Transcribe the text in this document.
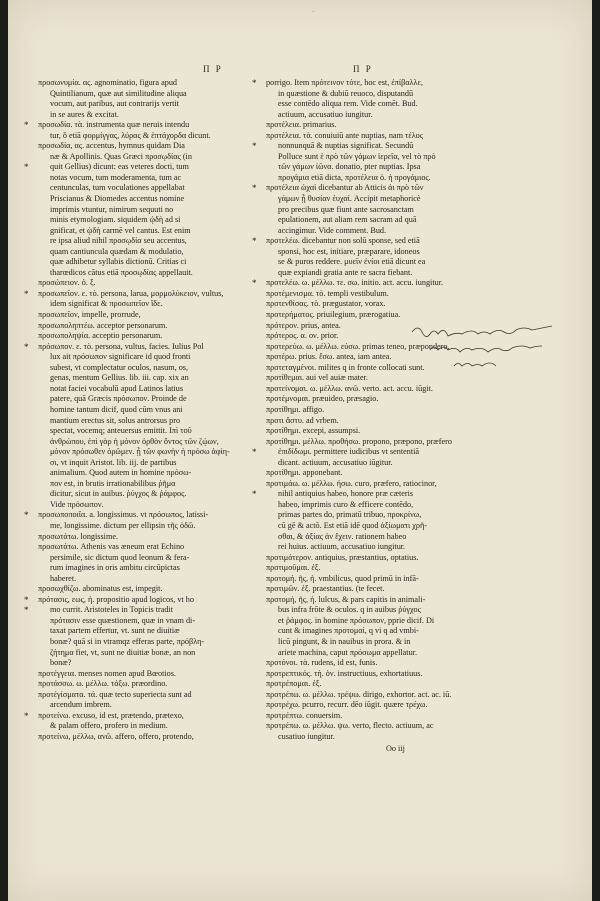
·
Π Ρ	Π Ρ
προσωνυμία. ας. agnominatio, figura apud
Quintilianum, quæ aut similitudine aliqua
vocum, aut paribus, aut contrarijs vertit
in se aures & excitat.
* προσωδία. τὰ. instrumenta quæ neruis intendu
tur, ὃ etiā φορμίγγας, λύρας & ἑπτάχορδα dicunt.
προσωδία, ας. accentus, hymnus quidam Dia
næ & Apollinis. Quas Græci προσῳδίας (in
*	quit Gellius) dicunt: eas veteres docti, tum
notas vocum, tum moderamenta, tum ac
centunculas, tum voculationes appellabat
Priscianus & Diomedes accentus nomine
imprimis vtuntur, nimirum sequuti no
minis etymologiam. siquidem ᾠδὴ ad si
gnificat, et ᾠδὴ carmē vel cantus. Est enim
re ipsa aliud nihil προσῳδία seu accentus,
quam cantiuncula quædam & modulatio,
quæ adhibetur syllabis dictionū. Critias ci
tharœdicos cātus etiā προσῳδίας appellauit.
προσώπειον. ὁ. ξ.
* προσωπεῖον. ε. τὸ. persona, larua, μορμολύκειον, vultus,
idem significat & προσωπεῖον ἴδε.
προσωπεῖον, impelle, prorrude,
προσωποληπτέω. acceptor personarum.
προσωποληψία. acceptio personarum.
* πρόσωπον. ε. τὸ. persona, vultus, facies. Iulius Pol
lux ait πρόσωπον significare id quod fronti
subest, vt complectatur oculos, nasum, os,
genas, mentum Gellius. lib. iii. cap. xix an
notat faciei vocabulū apud Latinos latius
patere, quā Græcis πρόσωπον. Proinde de
homine tantum dicif, quod cūm vnus ani
mantium erectus sit, solus antrorsus pro
spectat, vocemq; anteuersus emittit. Iπὶ τοῦ
ἀνθρώπου, ἐπὶ γὰρ ἡ μόνον ὀρθὸν ὄντος τῶν ζῴων,
μόνον πρόσωθεν ὁρῶμεν. ᾗ τῶν φωνὴν ἡ πρόσω ἀφίη-
σι, vt inquit Aristot. lib. iij. de partibus
animalium. Quod autem in homine πρόσω-
πον est, in brutis irrationabilibus ῥῆμα
dicitur, sicut in auibus. ῥύγχος & ῥάμφος.
Vide πρόσωπον.
* προσωποποιΐα. a. longissimus. vt πρόσωπος, latissi-
me, longissime. dictum per ellipsin τῆς ὁδῶ.
προσωτάτω. longissime.
προσωτάτω. Athenis vas æneum erat Echino
persimile, sic dictum quod leonum & fera-
rum imagines in oris ambitu circūpictas
haberet.
προσωχθίζω. abominatus est, impegit.
* πρότασις, εως, ἡ. propositio apud logicos, vt ho
*	mo currit. Aristoteles in Topicis tradit
πρότασιν esse quæstionem, quæ in vnam di-
taxat partem effertur, vt. sunt ne diuitiæ
bonæ? quā si in vtramqz efferas parte, πρόβλη-
ζήτημα fiet, vt, sunt ne diuitiæ bonæ, an non
bonæ?
προτέγγεια. menses nomen apud Bœotios.
προτάσσω. ω. μέλλω. τάξω. præordino.
προτέγίσματα. τά. quæ tecto superiecta sunt ad
arcendum imbrem.
* προτείνω. excuso, id est, prætendo, prætexo,
& palam offero, profero in medium.
προτείνω, μέλλω, ανῶ. affero, offero, protendo,
* porrigo. Item πρότεινον τότε, hoc est, ἐπίβαλλε,
in quæstione & dubiū reuoco, disputandū
esse contēdo aliqua rem. Vide comēt. Bud.
actiuum, accusatiuo iungitur.
προτέλεια. primarius.
προτέλεια. τὰ. conuiuiū ante nuptias, nam τέλος
*	nonnunquā & nuptias significat. Secundū
Polluce sunt ἑ πρὸ τῶν γάμων ἱερεῖα, vel τὸ πρὸ
τῶν γάμων ἰῶνα. donatio, pter nuptias. Ipsa
προγάμια etiā dicta, προτέλεια ὁ. ἡ προγάμιος.
* προτέλεια ὠχαὶ dicebantur ab Atticis ἀι πρὸ τῶν
γάμων ᾗ θυσίαν ἐυχαί. Accipit metaphoricè
pro precibus quæ fiunt ante sacrosanctam
epulationem, aut aliam rem sacram ad quā
accingimur. Vide comment. Bud.
* προτελέω. dicebantur non solū sponse, sed etiā
sponsi, hoc est, initiare, præparare, idoneos
se & puros reddere. μυεῖν ἐνίοι etiā dicunt ea
quæ expiandi gratia ante re sacra fiebant.
* προτελέω. ω. μέλλω. τε. σω. initio. act. accu. iungitur.
προτέμενισμα. τὸ. templi vestibulum.
προτενθίσας. τὸ. prægustator, vorax.
προτερήματος. priuilegium, prærogatiua.
πρότερον. prius, antea.
πρότερος. α. ον. prior.
προτερεύω. ω. μέλλω. εύσω. primas teneo, præpondero.
προτέρω. prius. ἔσω. antea, iam antea.
προτεταγμένοι. milites q in fronte collocati sunt.
προτίθεμαι. aui vel auiæ mater.
προτείνομαι. ω. μέλλω. ανῶ. verto. act. accu. iūgit.
προτέμνομαι. præuideo, præsagio.
προτίθημι. affigo.
προτι ἄστυ. ad vrbem.
προτίθημι. excepi, assumpsi.
προτίθημι. μέλλω. προθήσω. propono, præpono, præfero
*	ἐπιδίδωμι. permittere iudicibus vt sententiā
dicant. actiuum, accusatiuo iūgitur.
προτίθημι. apponebant.
προτιμάω. ω. μέλλω. ήσω. curo, præfero, ratiocinor,
*	nihil antiquius habeo, honore præ cæteris
habeo, imprimis curo & efficere contēdo,
primas partes do, primatū tribuo, προκρίνω,
cū gē & actō. Est etiā idē quod ἀξίωματι χρῆ-
σθαι, & ἀξίας ἀν ἔχειν. rationem habeo
rei huius. actiuum, accusatiuo iungitur.
προτιμότερον. antiquius, præstantius, optatius.
προτιμοῦμαι. ἐξ.
προτομή. ῆς, ἡ. vmbilicus, quod primū in infā-
προτιμῶν. ἐξ. praestantius. (te fecet.
προτομή, ῆς, ἡ. lulcus, & pars capitis in animali-
bus infra frōte & oculos. q in auibus ῥύγχος
et ῥάμφος. in homine πρόσωπον, pprie dicif. Di
cunt & imagines προτομαί, q vi q ad vmbi-
licū pingunt, & in nauibus in prora. & in
ariete machina, caput πρόσωμα appellatur.
προτόνοι. τὰ. rudens, id est, funis.
προτρεπτικός. τή. ὁν. instructiuus, exhortatiuus.
προτρέπομαι. ἐξ.
προτρέπω. ω. μέλλω. τρέψω. dirigo, exhortor. act. ac. iū.
προτρέχω. pcurro, recurr. dēo iūgit. quære τρέχω.
προτρέπτω. conuersim.
προτρέπω. ω. μέλλω. ψω. verto, flecto. actiuum, ac
cusatiuo iungitur.
Oo iij
